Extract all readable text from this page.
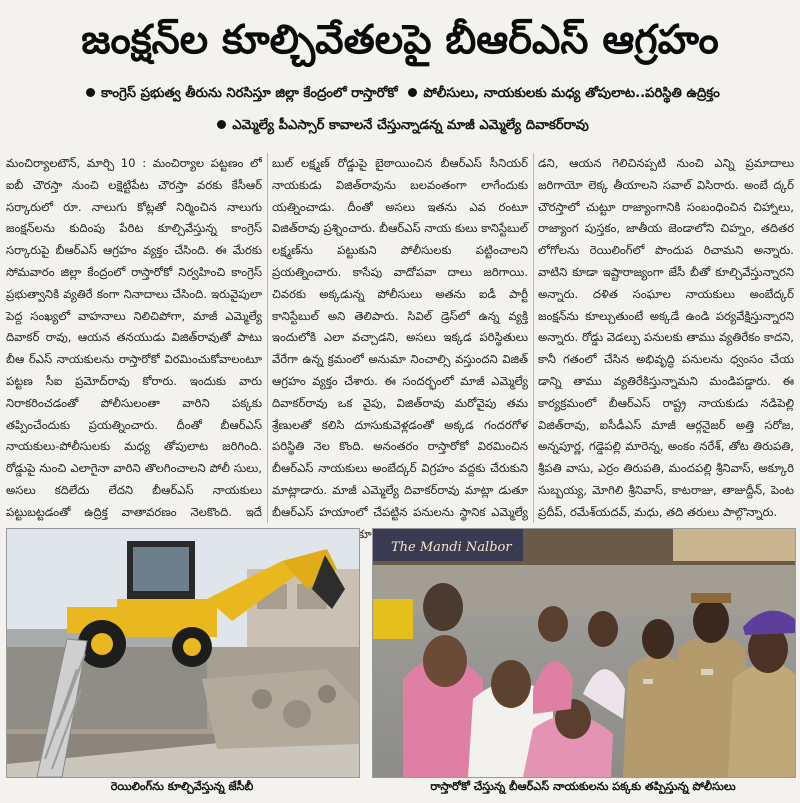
జంక్షన్‌ల కూల్చివేతలపై బీఆర్‌ఎస్ ఆగ్రహం
కాంగ్రెస్ ప్రభుత్వ తీరును నిరసిస్తూ జిల్లా కేంద్రంలో రాస్తారోకో పోలీసులు, నాయకులకు మధ్య తోపులాట..పరిస్థితి ఉద్రిక్తం
ఎమ్మెల్యే పీఎస్సార్ కావాలనే చేస్తున్నాడన్న మాజీ ఎమ్మెల్యే దివాకర్‌రావు
మంచిర్యాలటౌన్, మార్చి 10 : మంచిర్యాల పట్టణం లో ఐబీ చౌరస్తా నుంచి లక్షెట్టిపేట చౌరస్తా వరకు కేసీఆర్ సర్కారులో రూ. నాలుగు కోట్లతో నిర్మించిన నాలుగు జంక్షన్‌లను కుదింపు పేరిట కూల్చివేస్తున్న కాంగ్రెస్ సర్కారుపై బీఆర్‌ఎస్ ఆగ్రహం వ్యక్తం చేసింది. ఈ మేరకు సోమవారం జిల్లా కేంద్రంలో రాస్తారోకో నిర్వహించి కాంగ్రెస్ ప్రభుత్వానికి వ్యతిరే కంగా నినాదాలు చేసింది. ఇరువైపులా పెద్ద సంఖ్యలో వాహనాలు నిలిచిపోగా, మాజీ ఎమ్మెల్యే దివాకర్ రావు, ఆయన తనయుడు విజిత్‌రావుతో పాటు బీఆ ర్‌ఎస్ నాయకులను రాస్తారోకో విరమించుకోవాలంటూ పట్టణ సీఐ ప్రమోద్‌రావు కోరారు. ఇందుకు వారు నిరాకరించడంతో పోలీసులంతా వారిని పక్కకు తప్పించేందుకు ప్రయత్నించారు. దీంతో బీఆర్‌ఎస్ నాయకులు-పోలీసులకు మధ్య తోపులాట జరిగింది. రోడ్డుపై నుంచి ఎలాగైనా వారిని తొలగించాలని పోలీ సులు, అసలు కదిలేదు లేదని బీఆర్‌ఎస్ నాయకులు పట్టుబట్టడంతో ఉద్రిక్త వాతావరణం నెలకొంది. ఇదే
బుల్ లక్ష్మణ్ రోడ్డుపై బైఠాయించిన బీఆర్‌ఎస్ సీనియర్ నాయకుడు విజిత్‌రావును బలవంతంగా లాగేందుకు యత్నించాడు. దీంతో అసలు ఇతను ఎవ రంటూ విజిత్‌రావు ప్రశ్నించారు. బీఆర్‌ఎస్ నాయ కులు కానిస్టేబుల్ లక్ష్మణ్‌ను పట్టుకుని పోలీసులకు పట్టించాలని ప్రయత్నించారు. కాసేపు వాదోపవా దాలు జరిగాయి. చివరకు అక్కడున్న పోలీసులు అతను ఐడీ పార్టీ కానిస్టేబుల్ అని తెలిపారు. సివిల్ డ్రెస్‌లో ఉన్న వ్యక్తి ఇందులోకి ఎలా వచ్చాడని, అసలు ఇక్కడ పరిస్థితులు వేరేగా ఉన్న క్రమంలో అనుమా నించాల్సి వస్తుందని విజిత్ ఆగ్రహం వ్యక్తం చేశారు. ఈ సందర్భంలో మాజీ ఎమ్మెల్యే దివాకర్‌రావు ఒక వైపు, విజిత్‌రావు మరోవైపు తమ శ్రేణులతో కలిసి దూసుకువెళ్లడంతో అక్కడ గందరగోళ పరిస్థితి నెల కొంది. అనంతరం రాస్తారోకో విరమించిన బీఆర్‌ఎస్ నాయకులు అంబేద్కర్ విగ్రహం వద్దకు చేరుకుని మాట్లాడారు. మాజీ ఎమ్మెల్యే దివాకర్‌రావు మాట్లా డుతూ బీఆర్‌ఎస్ హయాంలో చేపట్టిన పనులను స్థానిక ఎమ్మెల్యే
డని, ఆయన గెలిచినప్పటి నుంచి ఎన్ని ప్రమాదాలు జరిగాయో లెక్క తీయాలని సవాల్ విసిరారు. అంబే ద్కర్ చౌరస్తాలో చుట్టూ రాజ్యాంగానికి సంబంధించిన చిహ్నాలు, రాజ్యాంగ పుస్తకం, జాతీయ జెండాలోని చిహ్నం, తదితర లోగోలను రెయిలింగ్‌లో పొందుప రిచామని అన్నారు. వాటిని కూడా ఇష్టారాజ్యంగా జేసీ బీతో కూల్చివేస్తున్నారని అన్నారు. దళిత సంఘాల నాయకులు అంబేద్కర్ జంక్షన్‌ను కూల్చుతుంటే అక్కడే ఉండి పర్యవేక్షిస్తున్నారని అన్నారు. రోడ్డు వెడల్పు పనులకు తాము వ్యతిరేకం కాదని, కానీ గతంలో చేసిన అభివృద్ధి పనులను ధ్వంసం చేయ డాన్ని తాము వ్యతిరేకిస్తున్నామని మండిపడ్డారు. ఈ కార్యక్రమంలో బీఆర్‌ఎస్ రాష్ట్ర నాయకుడు నడిపెల్లి విజిత్‌రావు, ఐసీడీఎస్ మాజీ ఆర్గనైజర్ అత్తి సరోజ, అన్నపూర్ణ, గడ్డెపల్లి మారెన్న, అంకం నరేశ్, తోట తిరుపతి, శ్రీపతి వాసు, ఎర్రం తిరుపతి, మందపల్లి శ్రీనివాస్, అక్కూరి సుబ్బయ్య, మోగిలి శ్రీనివాస్, కాటరాజు, తాజుద్దీన్, పెంట ప్రదీప్, రమేశ్‌యదవ్, మధు, తది తరులు పాల్గొన్నారు.
The Mandi Nalbor
రెయిలింగ్‌ను కూల్చివేస్తున్న జేసీబీ	రాస్తారోకో చేస్తున్న బీఆర్‌ఎస్ నాయకులను పక్కకు తప్పిస్తున్న పోలీసులు
